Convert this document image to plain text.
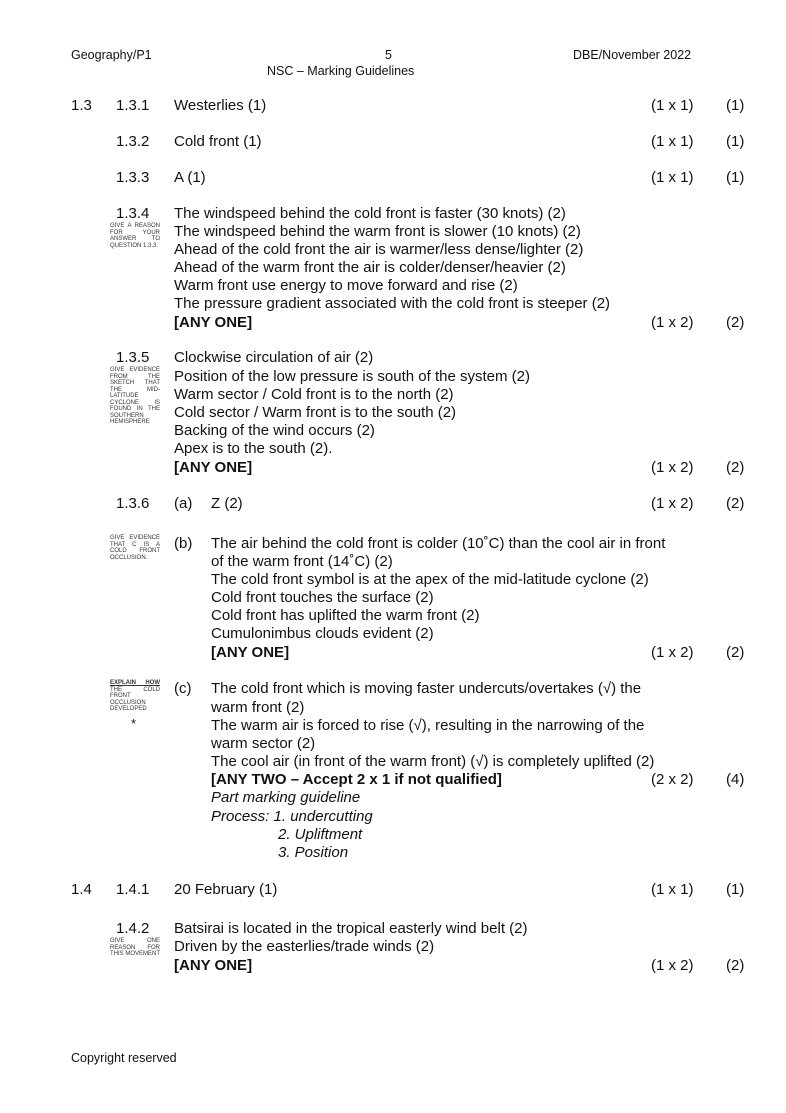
Geography/P1	5
NSC – Marking Guidelines
DBE/November 2022
1.3 1.3.1 Westerlies (1)	(1 x 1) (1)
1.3.2 Cold front (1)	(1 x 1) (1)
1.3.3 A (1)	(1 x 1) (1)
1.3.4
GIVE A REASON FOR YOUR ANSWER TO QUESTION 1.3.3.
The windspeed behind the cold front is faster (30 knots) (2)
The windspeed behind the warm front is slower (10 knots) (2)
Ahead of the cold front the air is warmer/less dense/lighter (2)
Ahead of the warm front the air is colder/denser/heavier (2)
Warm front use energy to move forward and rise (2)
The pressure gradient associated with the cold front is steeper (2)
[ANY ONE]	(1 x 2) (2)
1.3.5
GIVE EVIDENCE FROM THE SKETCH THAT THE MID-LATITUDE CYCLONE IS FOUND IN THE SOUTHERN HEMISPHERE
Clockwise circulation of air (2)
Position of the low pressure is south of the system (2)
Warm sector / Cold front is to the north (2)
Cold sector / Warm front is to the south (2)
Backing of the wind occurs (2)
Apex is to the south (2).
[ANY ONE]	(1 x 2) (2)
1.3.6 (a) Z (2)	(1 x 2) (2)
GIVE EVIDENCE THAT C IS A COLD FRONT OCCLUSION.
(b) The air behind the cold front is colder (10˚C) than the cool air in front
of the warm front (14˚C) (2)
The cold front symbol is at the apex of the mid-latitude cyclone (2)
Cold front touches the surface (2)
Cold front has uplifted the warm front (2)
Cumulonimbus clouds evident (2)
[ANY ONE]	(1 x 2) (2)
EXPLAIN HOW THE COLD FRONT OCCLUSION DEVELOPED
*
(c) The cold front which is moving faster undercuts/overtakes (√) the
warm front (2)
The warm air is forced to rise (√), resulting in the narrowing of the
warm sector (2)
The cool air (in front of the warm front) (√) is completely uplifted (2)
[ANY TWO – Accept 2 x 1 if not qualified]	(2 x 2) (4)
Part marking guideline
Process: 1. undercutting
2. Upliftment
3. Position
1.4 1.4.1 20 February (1)	(1 x 1) (1)
1.4.2
GIVE ONE REASON FOR THIS MOVEMENT
Batsirai is located in the tropical easterly wind belt (2)
Driven by the easterlies/trade winds (2)
[ANY ONE]	(1 x 2) (2)
Copyright reserved
